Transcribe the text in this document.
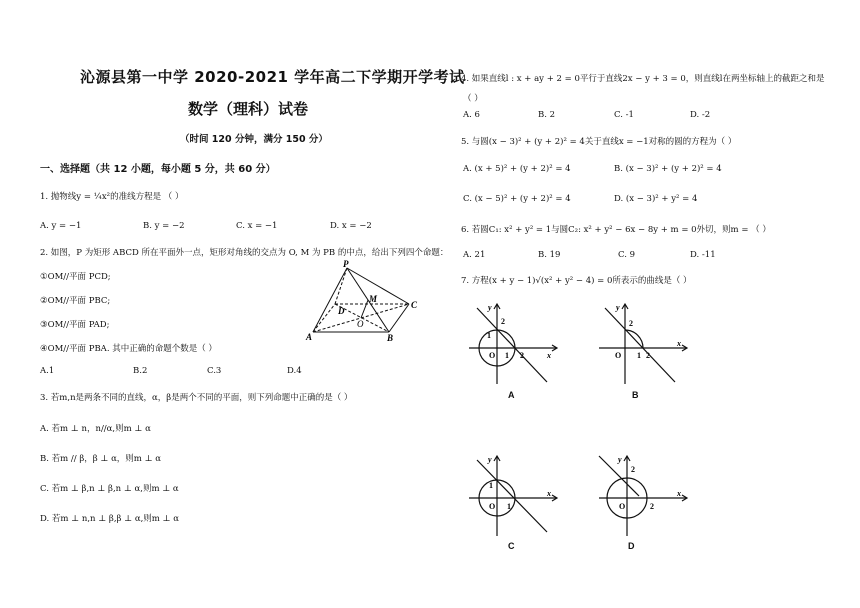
沁源县第一中学 2020-2021 学年高二下学期开学考试
数学（理科）试卷
（时间 120 分钟，满分 150 分）
一、选择题（共 12 小题，每小题 5 分，共 60 分）
1. 抛物线y = ¼x²的准线方程是 （ ）
A. y = −1	B. y = −2	C. x = −1	D. x = −2
2. 如图，P 为矩形 ABCD 所在平面外一点，矩形对角线的交点为 O, M 为 PB 的中点，给出下列四个命题：
①OM//平面 PCD;
②OM//平面 PBC;
③OM//平面 PAD;
④OM//平面 PBA. 其中正确的命题个数是（ ）
A.1	B.2	C.3	D.4
P
M
C
D
O
A	B
3. 若m,n是两条不同的直线，α，β是两个不同的平面，则下列命题中正确的是（ ）
A. 若m ⊥ n，n//α,则m ⊥ α
B. 若m // β，β ⊥ α，则m ⊥ α
C. 若m ⊥ β,n ⊥ β,n ⊥ α,则m ⊥ α
D. 若m ⊥ n,n ⊥ β,β ⊥ α,则m ⊥ α
4. 如果直线l : x + ay + 2 = 0平行于直线2x − y + 3 = 0，则直线l在两坐标轴上的截距之和是
（ ）
A. 6	B. 2	C. -1	D. -2
5. 与圆(x − 3)² + (y + 2)² = 4关于直线x = −1对称的圆的方程为（ ）
A. (x + 5)² + (y + 2)² = 4	B. (x − 3)² + (y + 2)² = 4
C. (x − 5)² + (y + 2)² = 4	D. (x − 3)² + y² = 4
6. 若圆C₁: x² + y² = 1与圆C₂: x² + y² − 6x − 8y + m = 0外切，则m = （ ）
A. 21	B. 19	C. 9	D. -11
7. 方程(x + y − 1)√(x² + y² − 4) = 0所表示的曲线是（ ）
1
2
O 1 2	x
y
A
2
O 1 2
x
y
B
1
O 1
x
y
C
2
O	2
x
y
D
